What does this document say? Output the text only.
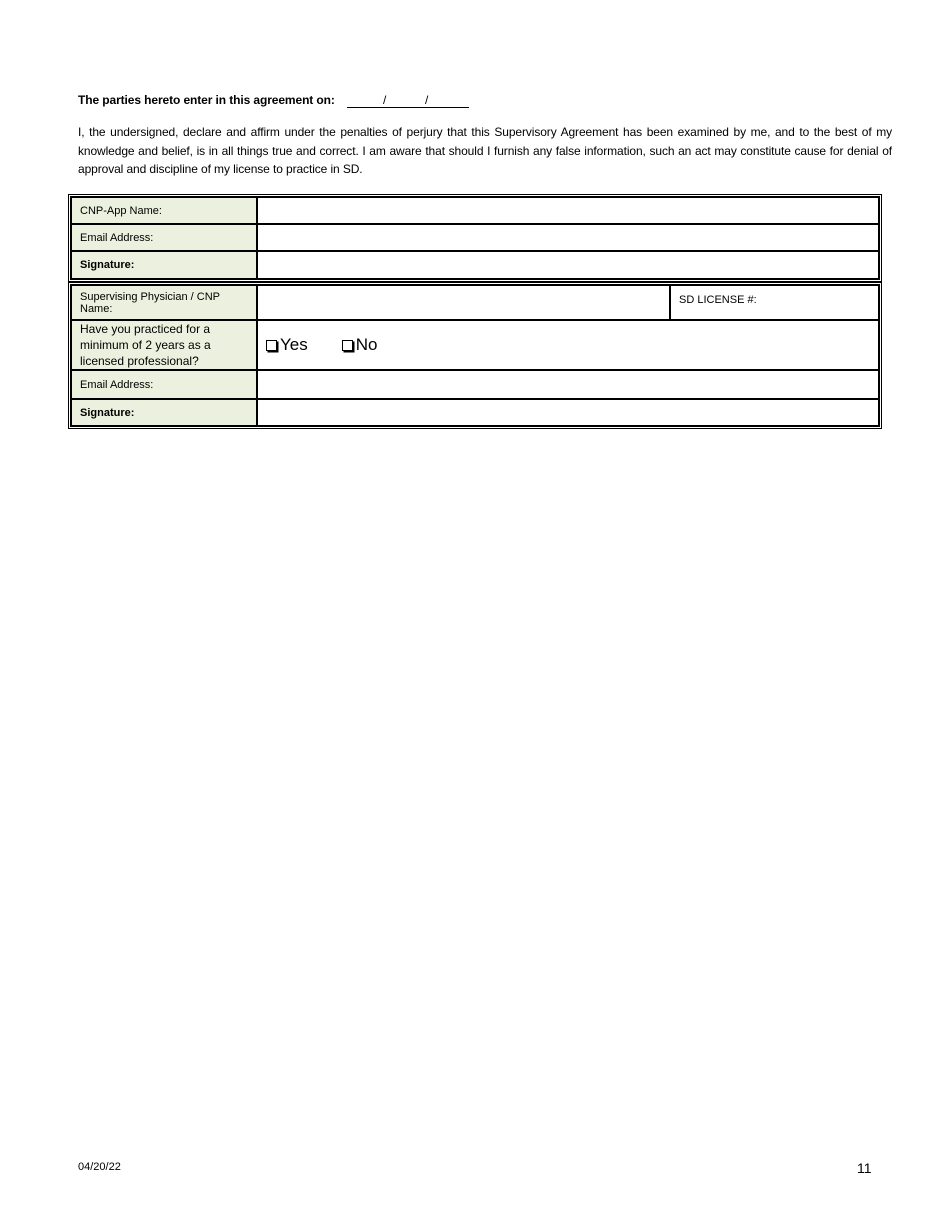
The parties hereto enter in this agreement on:	/	/
I, the undersigned, declare and affirm under the penalties of perjury that this Supervisory Agreement has been examined by me, and to the best of my knowledge and belief, is in all things true and correct. I am aware that should I furnish any false information, such an act may constitute cause for denial of approval and discipline of my license to practice in SD.
CNP-App Name:	
Email Address:	
Signature:	
Supervising Physician / CNP Name:		SD LICENSE #:
Have you practiced for a minimum of 2 years as a licensed professional?	Yes No	

Email Address:		
Signature:		
04/20/22	11
